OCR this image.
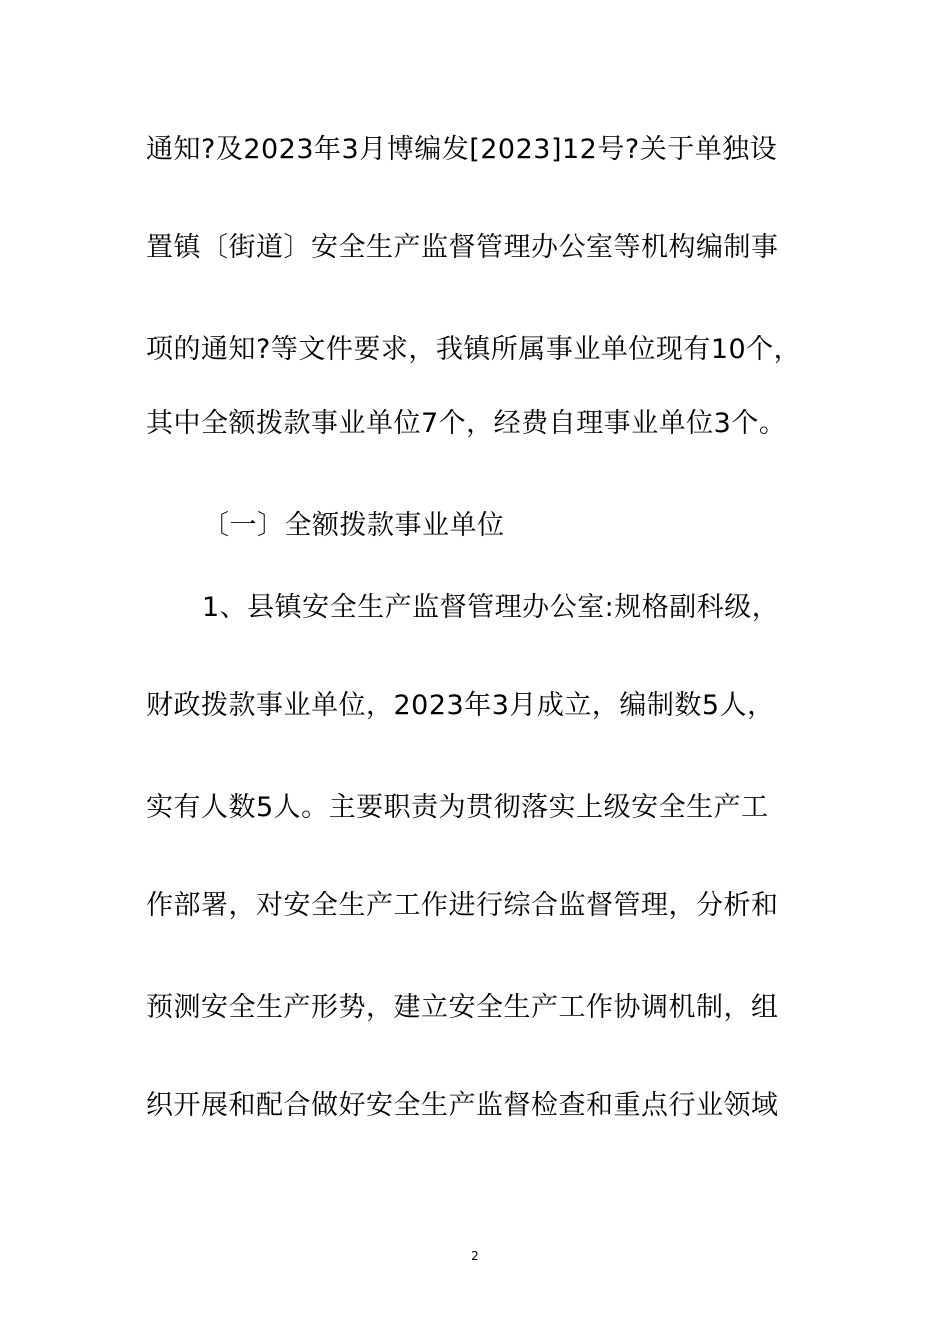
通知?及2023年3月博编发[2023]12号?关于单独设
置镇〔街道〕安全生产监督管理办公室等机构编制事
项的通知?等文件要求，我镇所属事业单位现有10个，
其中全额拨款事业单位7个，经费自理事业单位3个。
〔一〕全额拨款事业单位
1、县镇安全生产监督管理办公室:规格副科级，
财政拨款事业单位，2023年3月成立，编制数5人，
实有人数5人。主要职责为贯彻落实上级安全生产工
作部署，对安全生产工作进行综合监督管理，分析和
预测安全生产形势，建立安全生产工作协调机制，组
织开展和配合做好安全生产监督检查和重点行业领域
2
